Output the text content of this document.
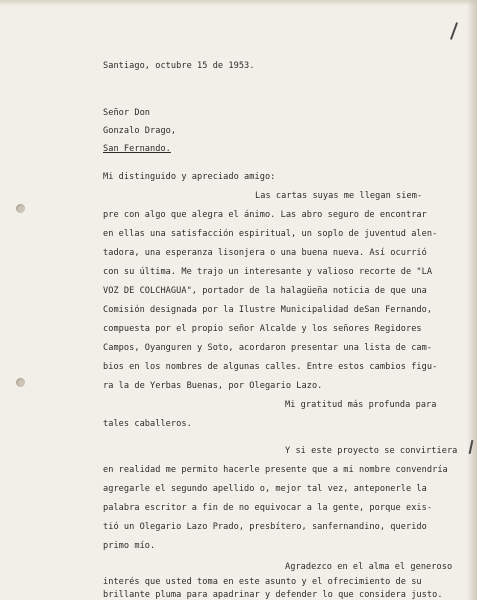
Santiago, octubre 15 de 1953.
Señor Don
Gonzalo Drago,
San Fernando.
Mi distinguido y apreciado amigo:
Las cartas suyas me llegan siem-
pre con algo que alegra el ánimo. Las abro seguro de encontrar
en ellas una satisfacción espiritual, un soplo de juventud alen-
tadora, una esperanza lisonjera o una buena nueva. Así ocurrió
con su última. Me trajo un interesante y valioso recorte de "LA
VOZ DE COLCHAGUA", portador de la halagüeña noticia de que una
Comisión designada por la Ilustre Municipalidad deSan Fernando,
compuesta por el propio señor Alcalde y los señores Regidores
Campos, Oyanguren y Soto, acordaron presentar una lista de cam-
bios en los nombres de algunas calles. Entre estos cambios figu-
ra la de Yerbas Buenas, por Olegario Lazo.
Mi gratitud más profunda para
tales caballeros.
Y si este proyecto se convirtiera
en realidad me permito hacerle presente que a mi nombre convendría
agregarle el segundo apellido o, mejor tal vez, anteponerle la
palabra escritor a fin de no equivocar a la gente, porque exis-
tió un Olegario Lazo Prado, presbítero, sanfernandino, querido
primo mío.
Agradezco en el alma el generoso
interés que usted toma en este asunto y el ofrecimiento de su
brillante pluma para apadrinar y defender lo que considera justo.
